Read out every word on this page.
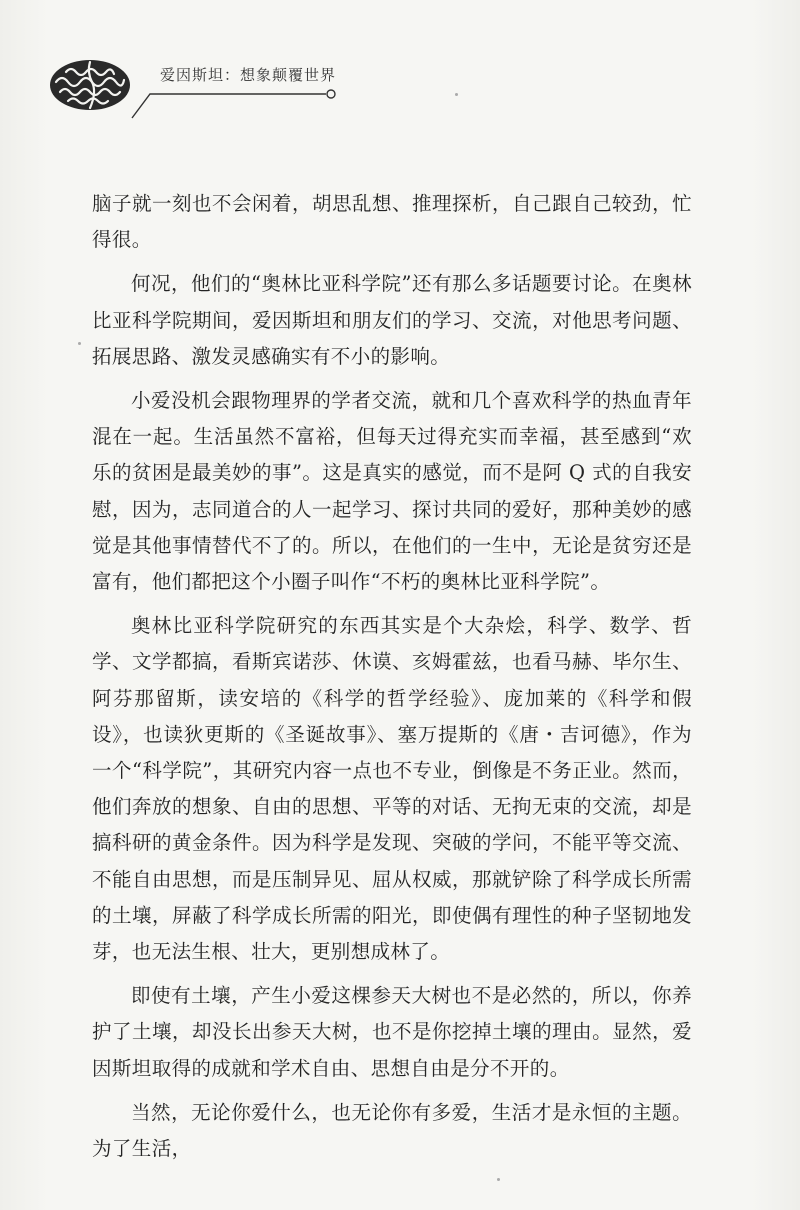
爱因斯坦：想象颠覆世界

脑子就一刻也不会闲着，胡思乱想、推理探析，自己跟自己较劲，忙得很。

何况，他们的“奥林比亚科学院”还有那么多话题要讨论。在奥林比亚科学院期间，爱因斯坦和朋友们的学习、交流，对他思考问题、拓展思路、激发灵感确实有不小的影响。

小爱没机会跟物理界的学者交流，就和几个喜欢科学的热血青年混在一起。生活虽然不富裕，但每天过得充实而幸福，甚至感到“欢乐的贫困是最美妙的事”。这是真实的感觉，而不是阿 Q 式的自我安慰，因为，志同道合的人一起学习、探讨共同的爱好，那种美妙的感觉是其他事情替代不了的。所以，在他们的一生中，无论是贫穷还是富有，他们都把这个小圈子叫作“不朽的奥林比亚科学院”。

奥林比亚科学院研究的东西其实是个大杂烩，科学、数学、哲学、文学都搞，看斯宾诺莎、休谟、亥姆霍兹，也看马赫、毕尔生、阿芬那留斯，读安培的《科学的哲学经验》、庞加莱的《科学和假设》，也读狄更斯的《圣诞故事》、塞万提斯的《唐・吉诃德》，作为一个“科学院”，其研究内容一点也不专业，倒像是不务正业。然而，他们奔放的想象、自由的思想、平等的对话、无拘无束的交流，却是搞科研的黄金条件。因为科学是发现、突破的学问，不能平等交流、不能自由思想，而是压制异见、屈从权威，那就铲除了科学成长所需的土壤，屏蔽了科学成长所需的阳光，即使偶有理性的种子坚韧地发芽，也无法生根、壮大，更别想成林了。

即使有土壤，产生小爱这棵参天大树也不是必然的，所以，你养护了土壤，却没长出参天大树，也不是你挖掉土壤的理由。显然，爱因斯坦取得的成就和学术自由、思想自由是分不开的。

当然，无论你爱什么，也无论你有多爱，生活才是永恒的主题。为了生活，
